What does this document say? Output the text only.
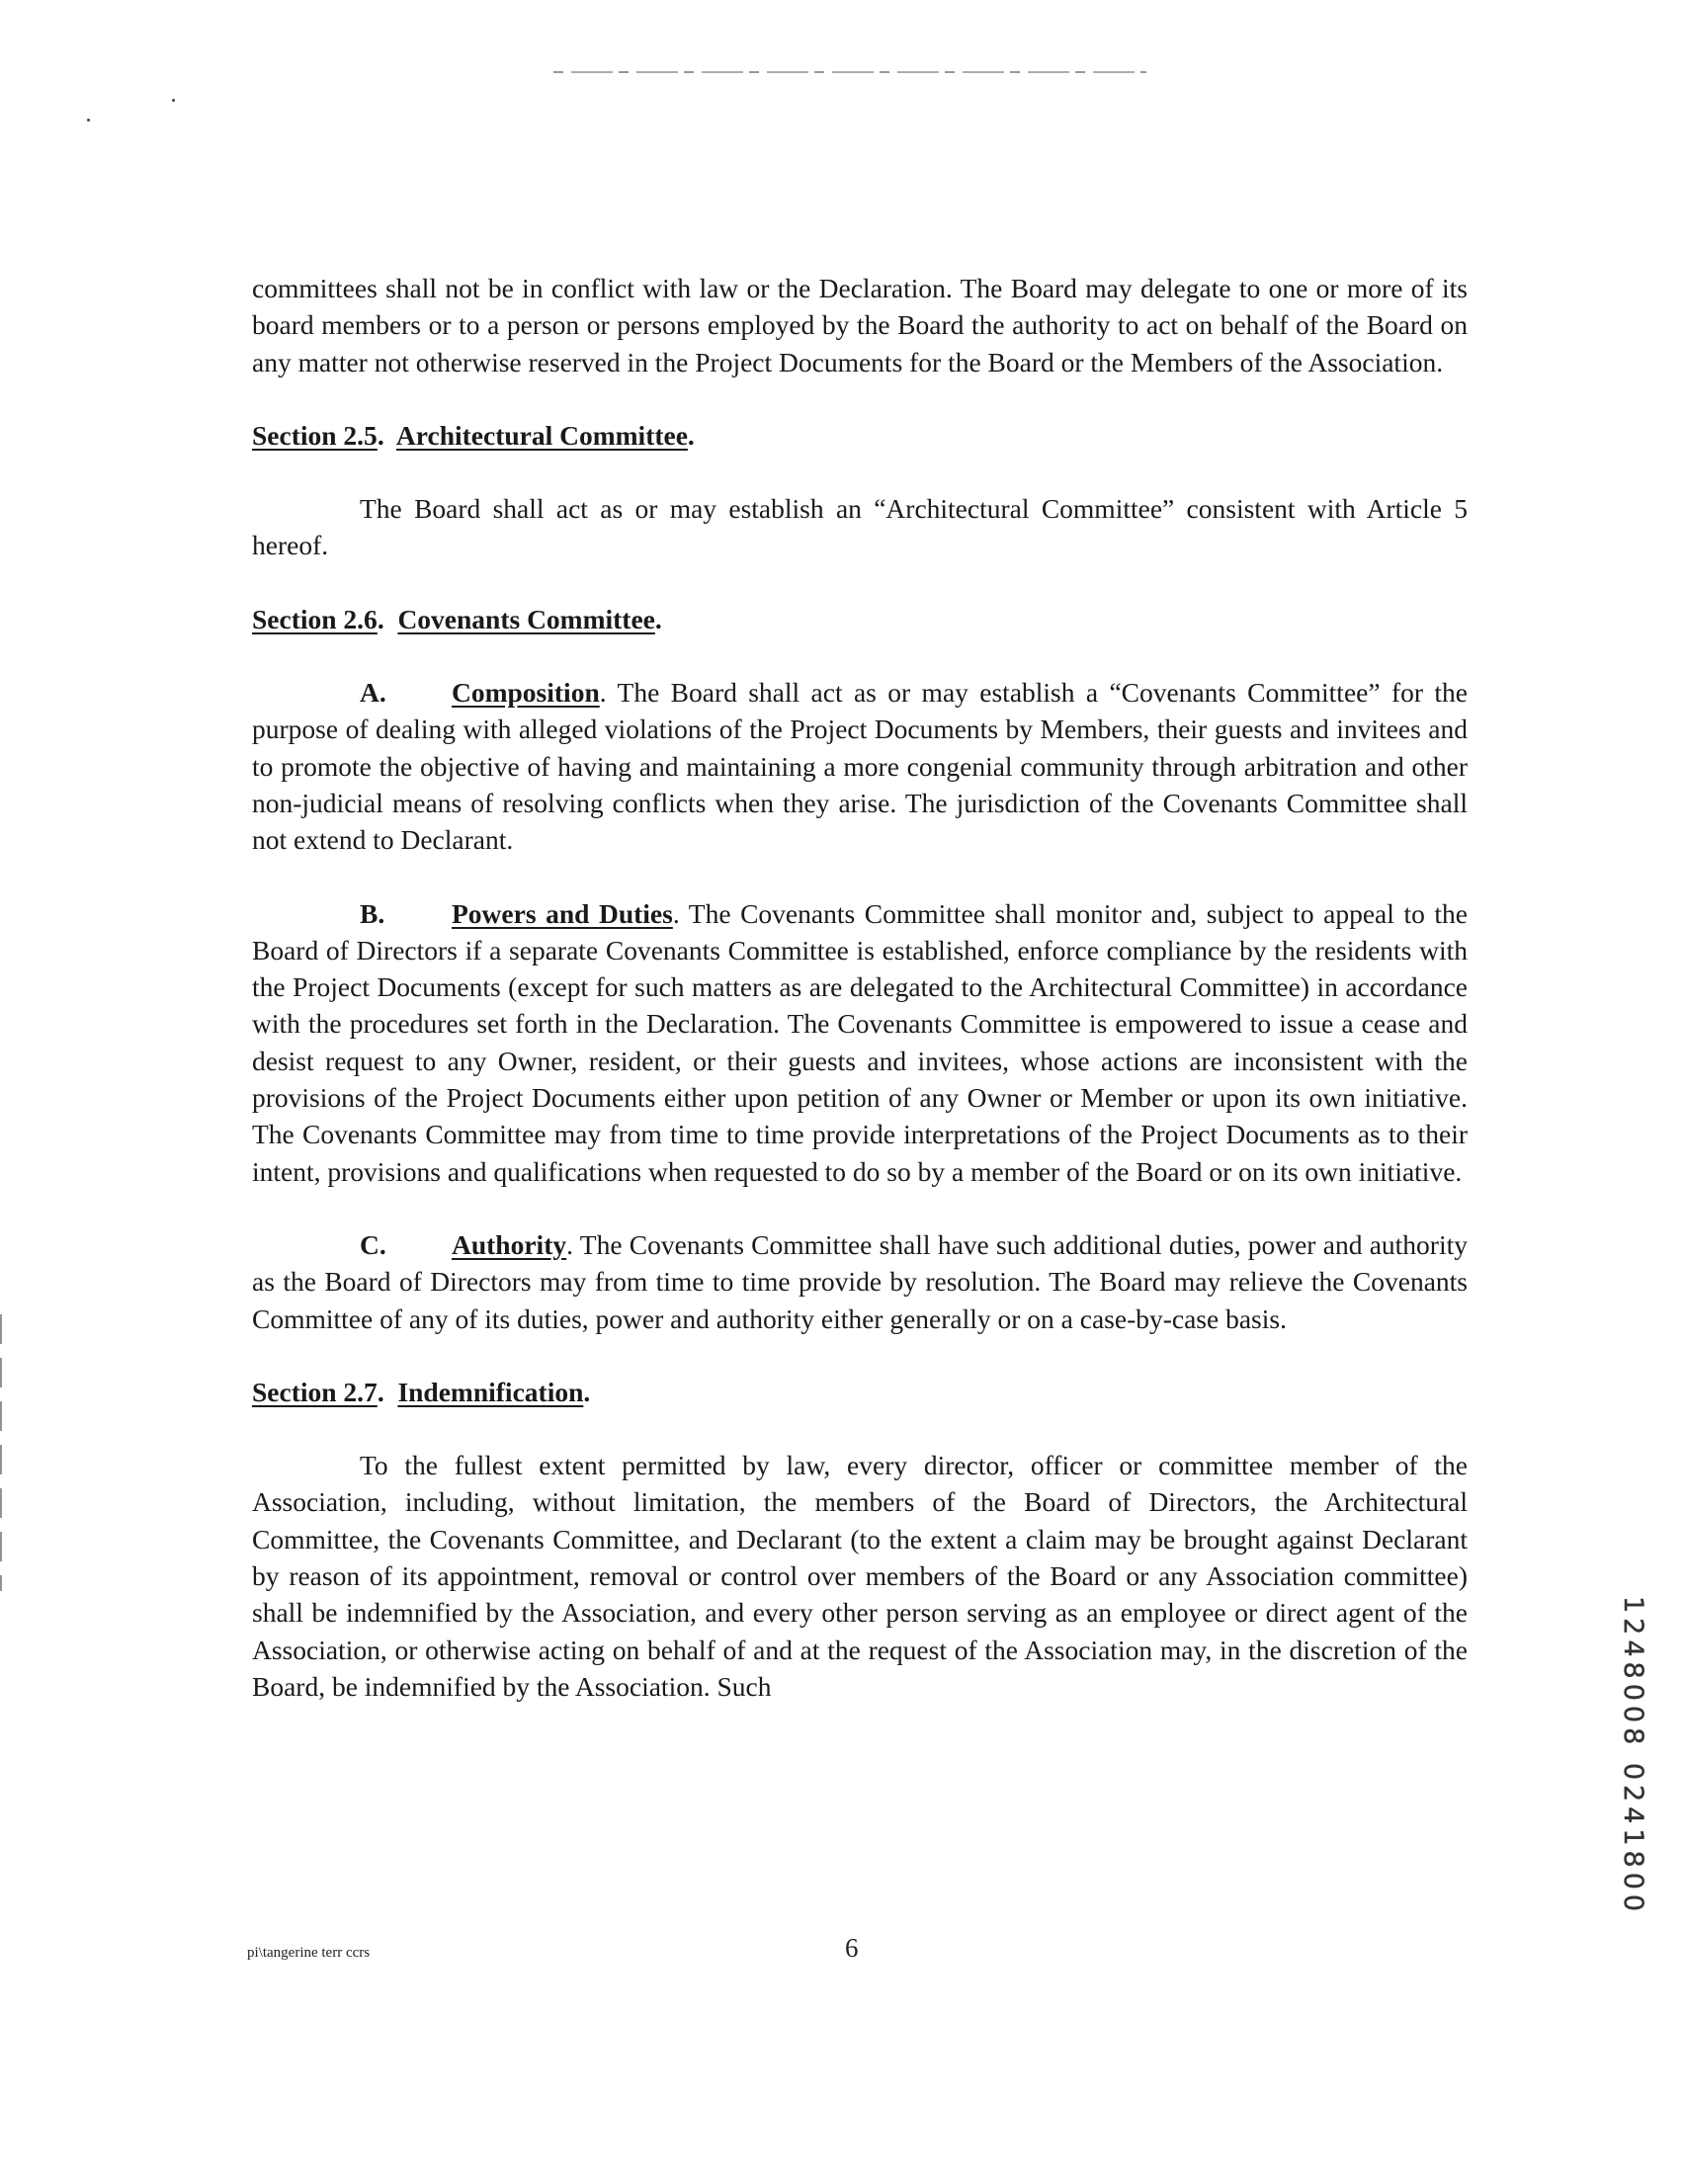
committees shall not be in conflict with law or the Declaration. The Board may delegate to one or more of its board members or to a person or persons employed by the Board the authority to act on behalf of the Board on any matter not otherwise reserved in the Project Documents for the Board or the Members of the Association.

Section 2.5.  Architectural Committee.

The Board shall act as or may establish an “Architectural Committee” consistent with Article 5 hereof.

Section 2.6.  Covenants Committee.

A. Composition. The Board shall act as or may establish a “Covenants Committee” for the purpose of dealing with alleged violations of the Project Documents by Members, their guests and invitees and to promote the objective of having and maintaining a more congenial community through arbitration and other non-judicial means of resolving conflicts when they arise. The jurisdiction of the Covenants Committee shall not extend to Declarant.

B. Powers and Duties. The Covenants Committee shall monitor and, subject to appeal to the Board of Directors if a separate Covenants Committee is established, enforce compliance by the residents with the Project Documents (except for such matters as are delegated to the Architectural Committee) in accordance with the procedures set forth in the Declaration. The Covenants Committee is empowered to issue a cease and desist request to any Owner, resident, or their guests and invitees, whose actions are inconsistent with the provisions of the Project Documents either upon petition of any Owner or Member or upon its own initiative. The Covenants Committee may from time to time provide interpretations of the Project Documents as to their intent, provisions and qualifications when requested to do so by a member of the Board or on its own initiative.

C. Authority. The Covenants Committee shall have such additional duties, power and authority as the Board of Directors may from time to time provide by resolution. The Board may relieve the Covenants Committee of any of its duties, power and authority either generally or on a case-by-case basis.

Section 2.7.  Indemnification.

To the fullest extent permitted by law, every director, officer or committee member of the Association, including, without limitation, the members of the Board of Directors, the Architectural Committee, the Covenants Committee, and Declarant (to the extent a claim may be brought against Declarant by reason of its appointment, removal or control over members of the Board or any Association committee) shall be indemnified by the Association, and every other person serving as an employee or direct agent of the Association, or otherwise acting on behalf of and at the request of the Association may, in the discretion of the Board, be indemnified by the Association. Such

pi\tangerine terr ccrs	6
1248008 0241800
